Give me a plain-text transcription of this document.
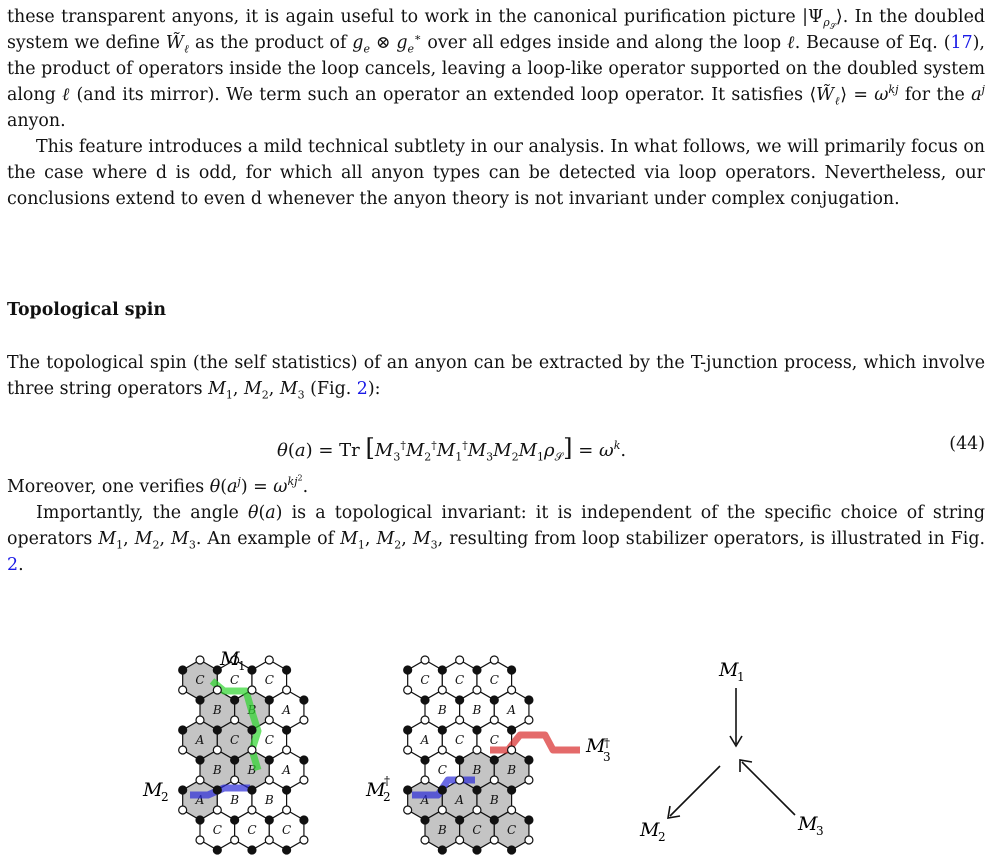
these transparent anyons, it is again useful to work in the canonical purification picture $|\Psi_{\rho_𝒮}⟩$. In the doubled system we define $W̃_\ell$ as the product of $g_e$ ⊗ $g_e^∗$ over all edges inside and along the loop ℓ. Because of Eq. (17), the product of operators inside the loop cancels, leaving a loop-like operator supported on the doubled system along ℓ (and its mirror). We term such an operator an extended loop operator. It satisfies $⟨W̃_\ell⟩ = \omega^{kj}$ for the $a^j$ anyon.

This feature introduces a mild technical subtlety in our analysis. In what follows, we will primarily focus on the case where d is odd, for which all anyon types can be detected via loop operators. Nevertheless, our conclusions extend to even d whenever the anyon theory is not invariant under complex conjugation.

Topological spin

The topological spin (the self statistics) of an anyon can be extracted by the T-junction process, which involve three string operators $M_1$, $M_2$, $M_3$ (Fig. 2):

θ(a) = Tr $[M_3^\dagger M_2^\dagger M_1^\dagger M_3M_2M_1\rho_𝒮] = \omega^k$.	(44)

Moreover, one verifies $\theta(a^j) = \omega^{kj^2}$.

Importantly, the angle θ(a) is a topological invariant: it is independent of the specific choice of string operators $M_1$, $M_2$, $M_3$. An example of $M_1$, $M_2$, $M_3$, resulting from loop stabilizer operators, is illustrated in Fig. 2.

C C C
B B A
A C C
B B A
A B B
C C C
C C C
B B A
A C C
C B B
A A B
B C C
M
1
M
2
M
3
†
M
2
†
M
1
M
2
M
3
